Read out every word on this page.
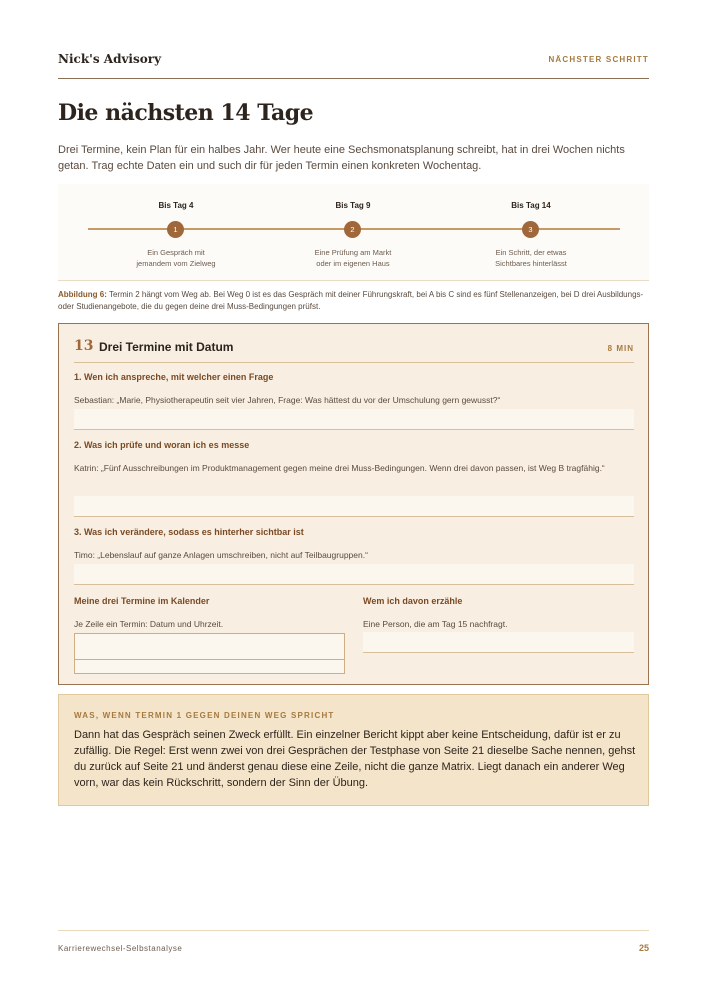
Nick's Advisory	NÄCHSTER SCHRITT
Die nächsten 14 Tage

Drei Termine, kein Plan für ein halbes Jahr. Wer heute eine Sechsmonatsplanung schreibt, hat in drei Wochen nichts getan. Trag echte Daten ein und such dir für jeden Termin einen konkreten Wochentag.

Bis Tag 4
1
Ein Gespräch mit jemandem vom Zielweg
Bis Tag 9
2
Eine Prüfung am Markt oder im eigenen Haus
Bis Tag 14
3
Ein Schritt, der etwas Sichtbares hinterlässt

Abbildung 6: Termin 2 hängt vom Weg ab. Bei Weg 0 ist es das Gespräch mit deiner Führungskraft, bei A bis C sind es fünf Stellenanzeigen, bei D drei Ausbildungs- oder Studienangebote, die du gegen deine drei Muss-Bedingungen prüfst.

13 Drei Termine mit Datum	8 MIN
1. Wen ich anspreche, mit welcher einen Frage
Sebastian: „Marie, Physiotherapeutin seit vier Jahren, Frage: Was hättest du vor der Umschulung gern gewusst?“
2. Was ich prüfe und woran ich es messe
Katrin: „Fünf Ausschreibungen im Produktmanagement gegen meine drei Muss-Bedingungen. Wenn drei davon passen, ist Weg B tragfähig.“
3. Was ich verändere, sodass es hinterher sichtbar ist
Timo: „Lebenslauf auf ganze Anlagen umschreiben, nicht auf Teilbaugruppen.“
Meine drei Termine im Kalender
Je Zeile ein Termin: Datum und Uhrzeit.
Wem ich davon erzähle
Eine Person, die am Tag 15 nachfragt.
WAS, WENN TERMIN 1 GEGEN DEINEN WEG SPRICHT

Dann hat das Gespräch seinen Zweck erfüllt. Ein einzelner Bericht kippt aber keine Entscheidung, dafür ist er zu zufällig. Die Regel: Erst wenn zwei von drei Gesprächen der Testphase von Seite 21 dieselbe Sache nennen, gehst du zurück auf Seite 21 und änderst genau diese eine Zeile, nicht die ganze Matrix. Liegt danach ein anderer Weg vorn, war das kein Rückschritt, sondern der Sinn der Übung.

Karrierewechsel-Selbstanalyse	25
